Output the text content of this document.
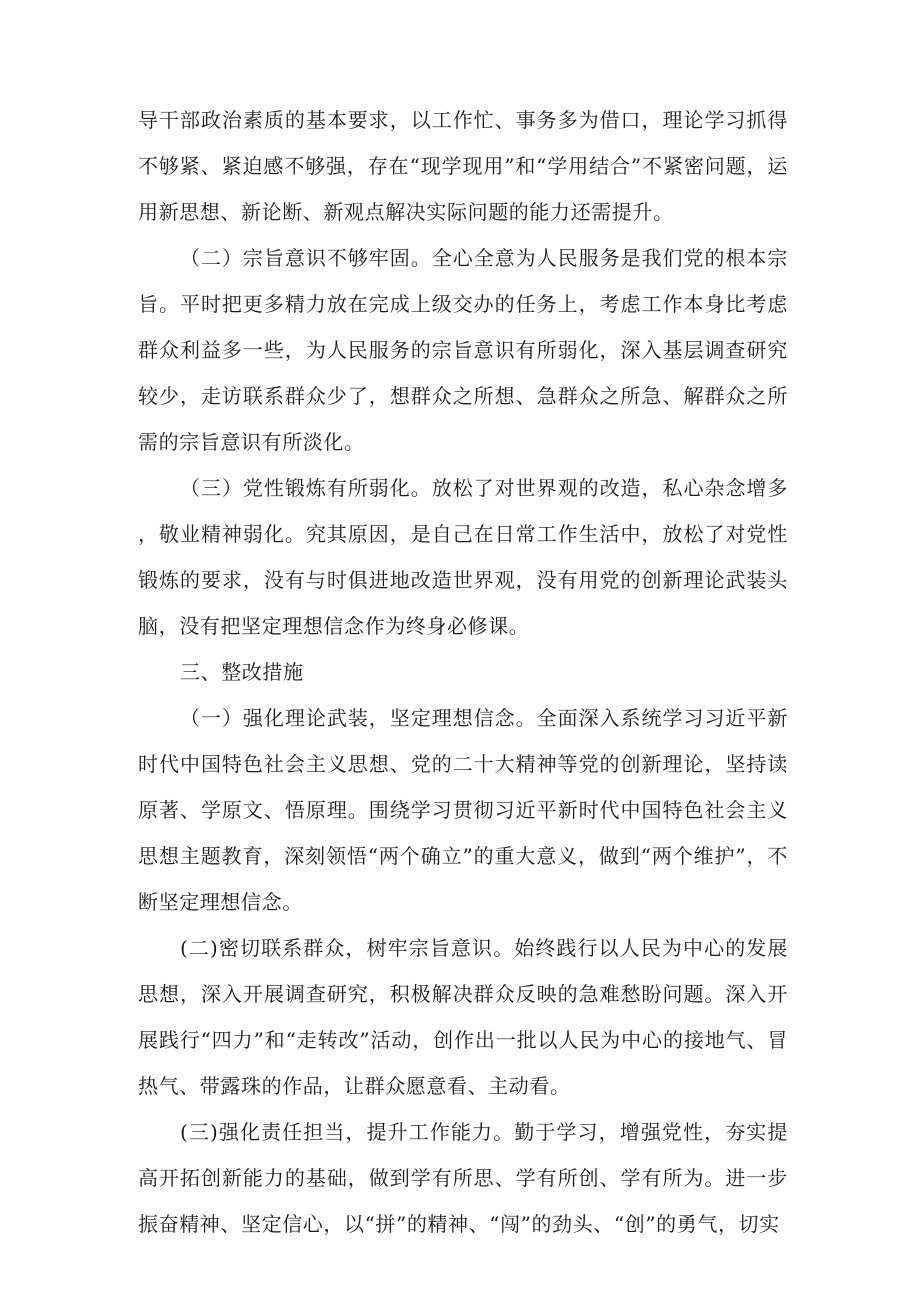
导干部政治素质的基本要求，以工作忙、事务多为借口，理论学习抓得不够紧、紧迫感不够强，存在“现学现用”和“学用结合”不紧密问题，运用新思想、新论断、新观点解决实际问题的能力还需提升。

（二）宗旨意识不够牢固。全心全意为人民服务是我们党的根本宗旨。平时把更多精力放在完成上级交办的任务上，考虑工作本身比考虑群众利益多一些，为人民服务的宗旨意识有所弱化，深入基层调查研究较少，走访联系群众少了，想群众之所想、急群众之所急、解群众之所需的宗旨意识有所淡化。

（三）党性锻炼有所弱化。放松了对世界观的改造，私心杂念增多，敬业精神弱化。究其原因，是自己在日常工作生活中，放松了对党性锻炼的要求，没有与时俱进地改造世界观，没有用党的创新理论武装头脑，没有把坚定理想信念作为终身必修课。

三、整改措施

（一）强化理论武装，坚定理想信念。全面深入系统学习习近平新时代中国特色社会主义思想、党的二十大精神等党的创新理论，坚持读原著、学原文、悟原理。围绕学习贯彻习近平新时代中国特色社会主义思想主题教育，深刻领悟“两个确立”的重大意义，做到“两个维护”，不断坚定理想信念。

(二)密切联系群众，树牢宗旨意识。始终践行以人民为中心的发展思想，深入开展调查研究，积极解决群众反映的急难愁盼问题。深入开展践行“四力”和“走转改”活动，创作出一批以人民为中心的接地气、冒热气、带露珠的作品，让群众愿意看、主动看。

(三)强化责任担当，提升工作能力。勤于学习，增强党性，夯实提高开拓创新能力的基础，做到学有所思、学有所创、学有所为。进一步振奋精神、坚定信心，以“拼”的精神、“闯”的劲头、“创”的勇气，切实
